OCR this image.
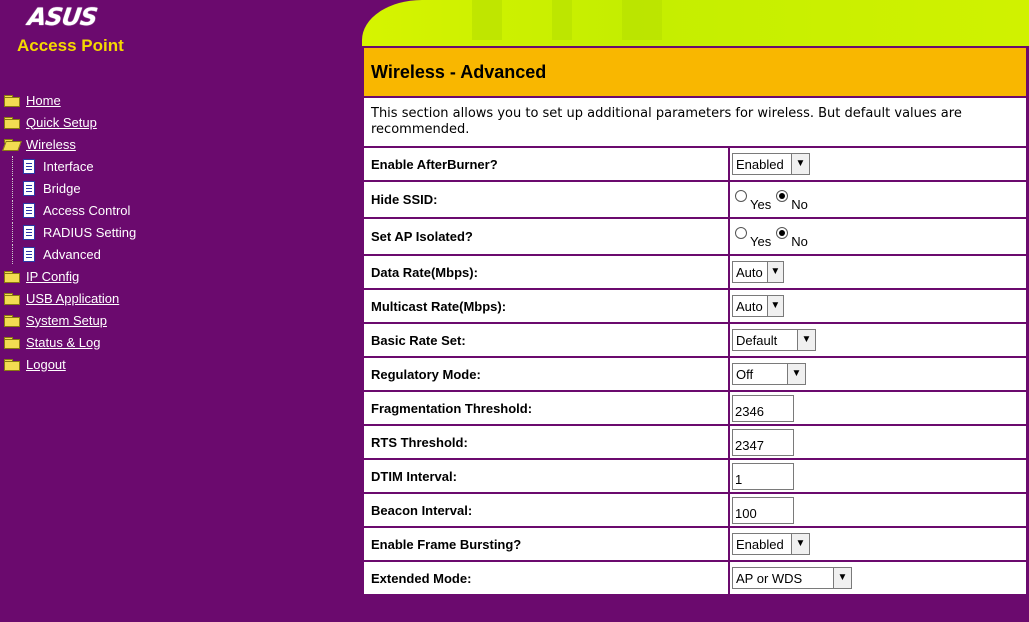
ASUS
Access Point
Home
Quick Setup
Wireless
Interface
Bridge
Access Control
RADIUS Setting
Advanced
IP Config
USB Application
System Setup
Status & Log
Logout
Wireless - Advanced	
This section allows you to set up additional parameters for wireless. But default values are recommended.	
Enable AfterBurner?	Enabled ▼

Hide SSID:	Yes No

Set AP Isolated?	Yes No

Data Rate(Mbps):	Auto ▼

Multicast Rate(Mbps):	Auto ▼

Basic Rate Set:	Default ▼

Regulatory Mode:	Off ▼

Fragmentation Threshold:	2346
RTS Threshold:	2347
DTIM Interval:	1
Beacon Interval:	100
Enable Frame Bursting?	Enabled ▼

Extended Mode:	AP or WDS ▼
